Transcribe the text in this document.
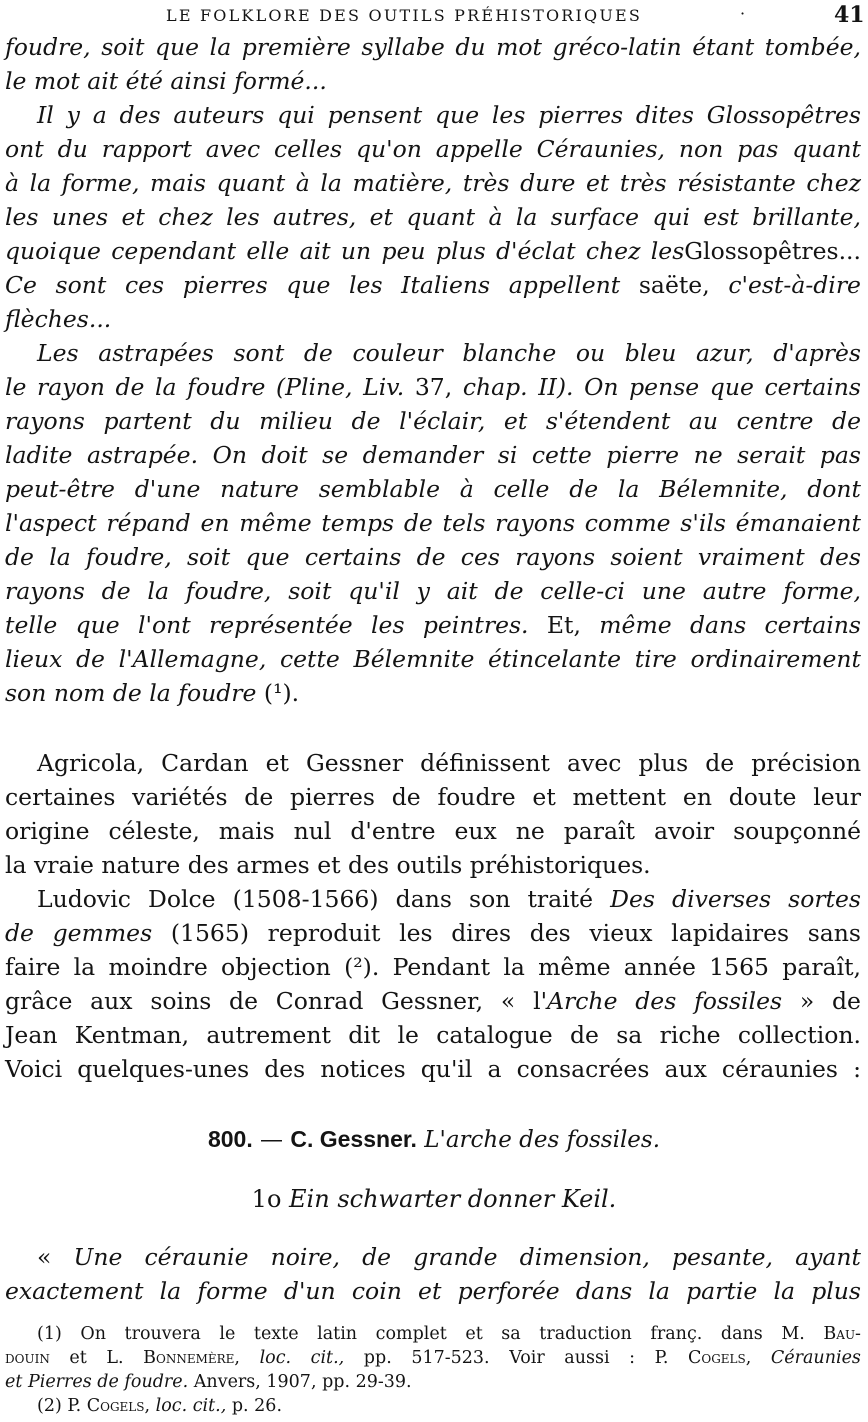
LE FOLKLORE DES OUTILS PRÉHISTORIQUES	·	41
foudre, soit que la première syllabe du mot gréco-latin étant tombée,
le mot ait été ainsi formé...
Il y a des auteurs qui pensent que les pierres dites Glossopêtres
ont du rapport avec celles qu'on appelle Céraunies, non pas quant
à la forme, mais quant à la matière, très dure et très résistante chez
les unes et chez les autres, et quant à la surface qui est brillante,
quoique cependant elle ait un peu plus d'éclat chez lesGlossopêtres...
Ce sont ces pierres que les Italiens appellent saëte, c'est-à-dire
flèches...
Les astrapées sont de couleur blanche ou bleu azur, d'après
le rayon de la foudre (Pline, Liv. 37, chap. II). On pense que certains
rayons partent du milieu de l'éclair, et s'étendent au centre de
ladite astrapée. On doit se demander si cette pierre ne serait pas
peut-être d'une nature semblable à celle de la Bélemnite, dont
l'aspect répand en même temps de tels rayons comme s'ils émanaient
de la foudre, soit que certains de ces rayons soient vraiment des
rayons de la foudre, soit qu'il y ait de celle-ci une autre forme,
telle que l'ont représentée les peintres. Et, même dans certains
lieux de l'Allemagne, cette Bélemnite étincelante tire ordinairement
son nom de la foudre (¹).
Agricola, Cardan et Gessner définissent avec plus de précision
certaines variétés de pierres de foudre et mettent en doute leur
origine céleste, mais nul d'entre eux ne paraît avoir soupçonné
la vraie nature des armes et des outils préhistoriques.
Ludovic Dolce (1508-1566) dans son traité Des diverses sortes
de gemmes (1565) reproduit les dires des vieux lapidaires sans
faire la moindre objection (²). Pendant la même année 1565 paraît,
grâce aux soins de Conrad Gessner, « l'Arche des fossiles » de
Jean Kentman, autrement dit le catalogue de sa riche collection.
Voici quelques-unes des notices qu'il a consacrées aux céraunies :
800. — C. Gessner. L'arche des fossiles.
1o Ein schwarter donner Keil.
« Une céraunie noire, de grande dimension, pesante, ayant
exactement la forme d'un coin et perforée dans la partie la plus
(1) On trouvera le texte latin complet et sa traduction franç. dans M. Bau-
douin et L. Bonnemère, loc. cit., pp. 517-523. Voir aussi : P. Cogels, Céraunies
et Pierres de foudre. Anvers, 1907, pp. 29-39.
(2) P. Cogels, loc. cit., p. 26.
